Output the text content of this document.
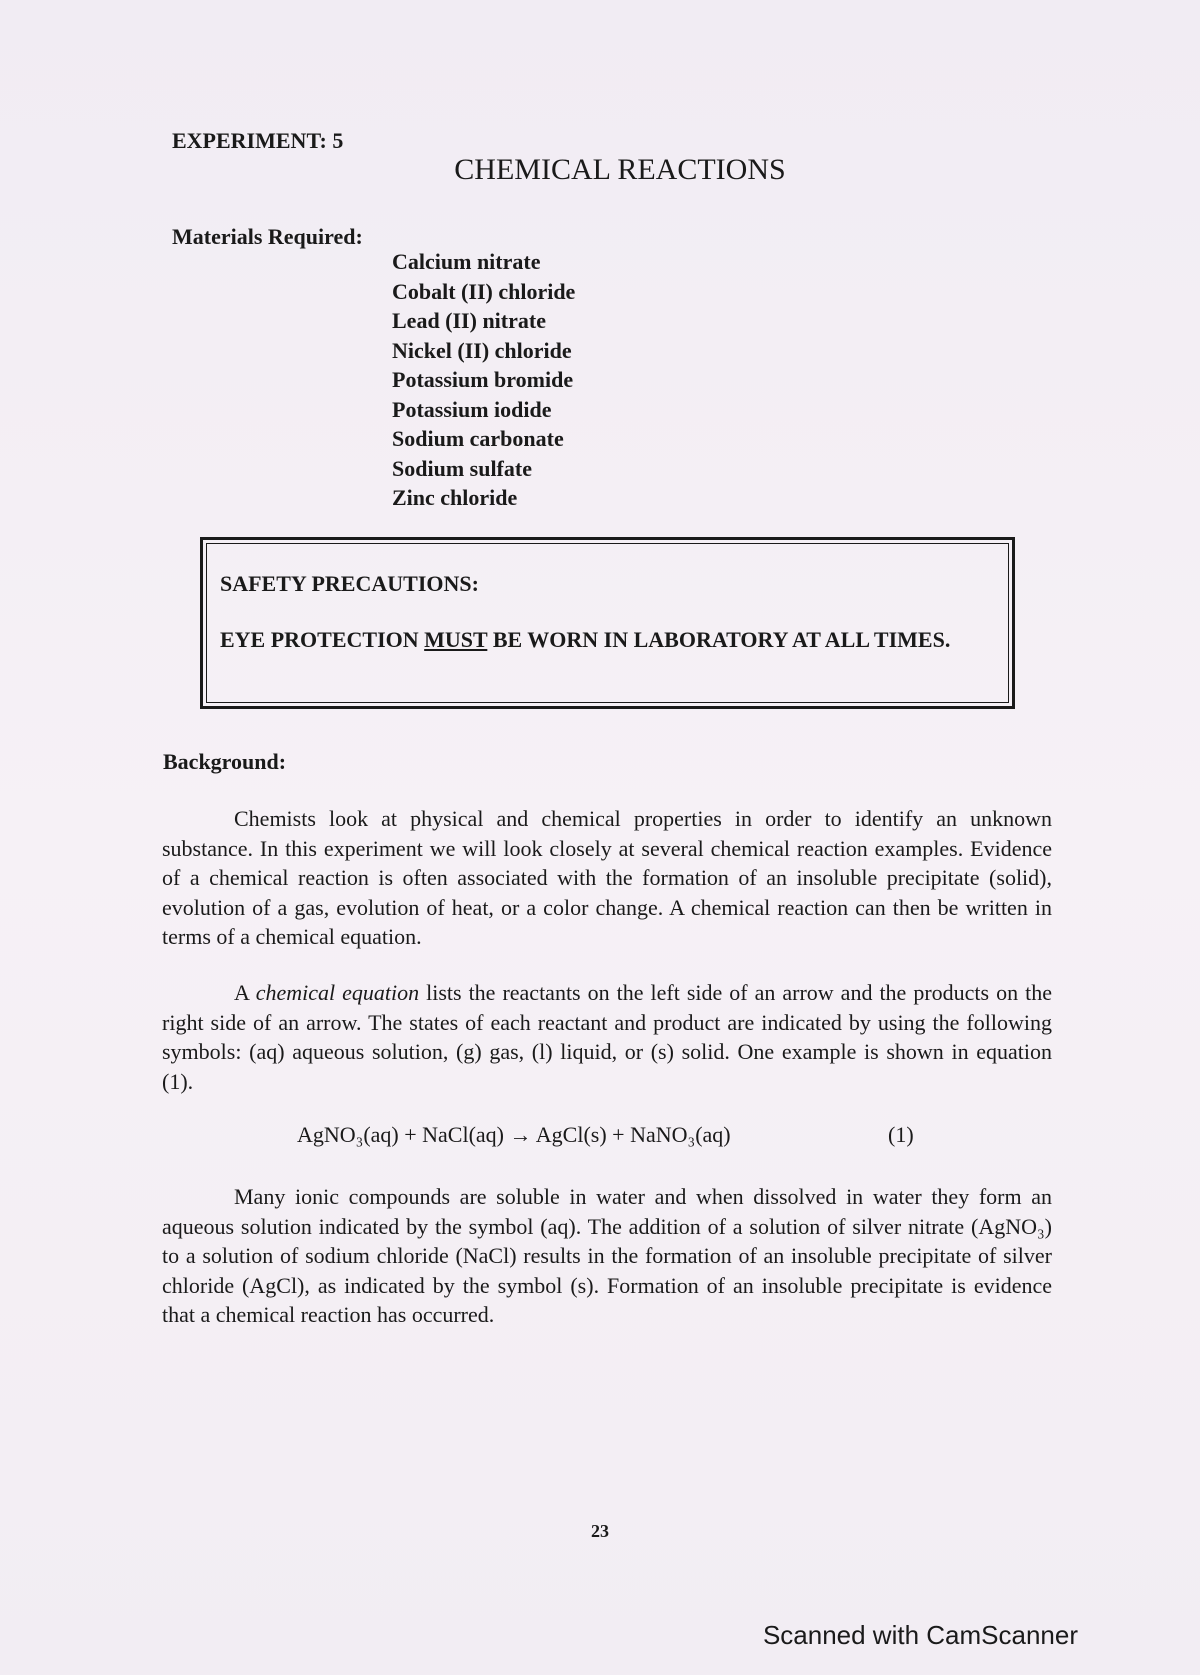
EXPERIMENT: 5
CHEMICAL REACTIONS
Materials Required:
Calcium nitrate
Cobalt (II) chloride
Lead (II) nitrate
Nickel (II) chloride
Potassium bromide
Potassium iodide
Sodium carbonate
Sodium sulfate
Zinc chloride
SAFETY PRECAUTIONS:
EYE PROTECTION MUST BE WORN IN LABORATORY AT ALL TIMES.
Background:

Chemists look at physical and chemical properties in order to identify an unknown substance. In this experiment we will look closely at several chemical reaction examples. Evidence of a chemical reaction is often associated with the formation of an insoluble precipitate (solid), evolution of a gas, evolution of heat, or a color change. A chemical reaction can then be written in terms of a chemical equation.

A chemical equation lists the reactants on the left side of an arrow and the products on the right side of an arrow. The states of each reactant and product are indicated by using the following symbols: (aq) aqueous solution, (g) gas, (l) liquid, or (s) solid. One example is shown in equation (1).

AgNO₃(aq) + NaCl(aq) → AgCl(s) + NaNO₃(aq)	(1)

Many ionic compounds are soluble in water and when dissolved in water they form an aqueous solution indicated by the symbol (aq). The addition of a solution of silver nitrate (AgNO₃) to a solution of sodium chloride (NaCl) results in the formation of an insoluble precipitate of silver chloride (AgCl), as indicated by the symbol (s). Formation of an insoluble precipitate is evidence that a chemical reaction has occurred.

23
Scanned with CamScanner
